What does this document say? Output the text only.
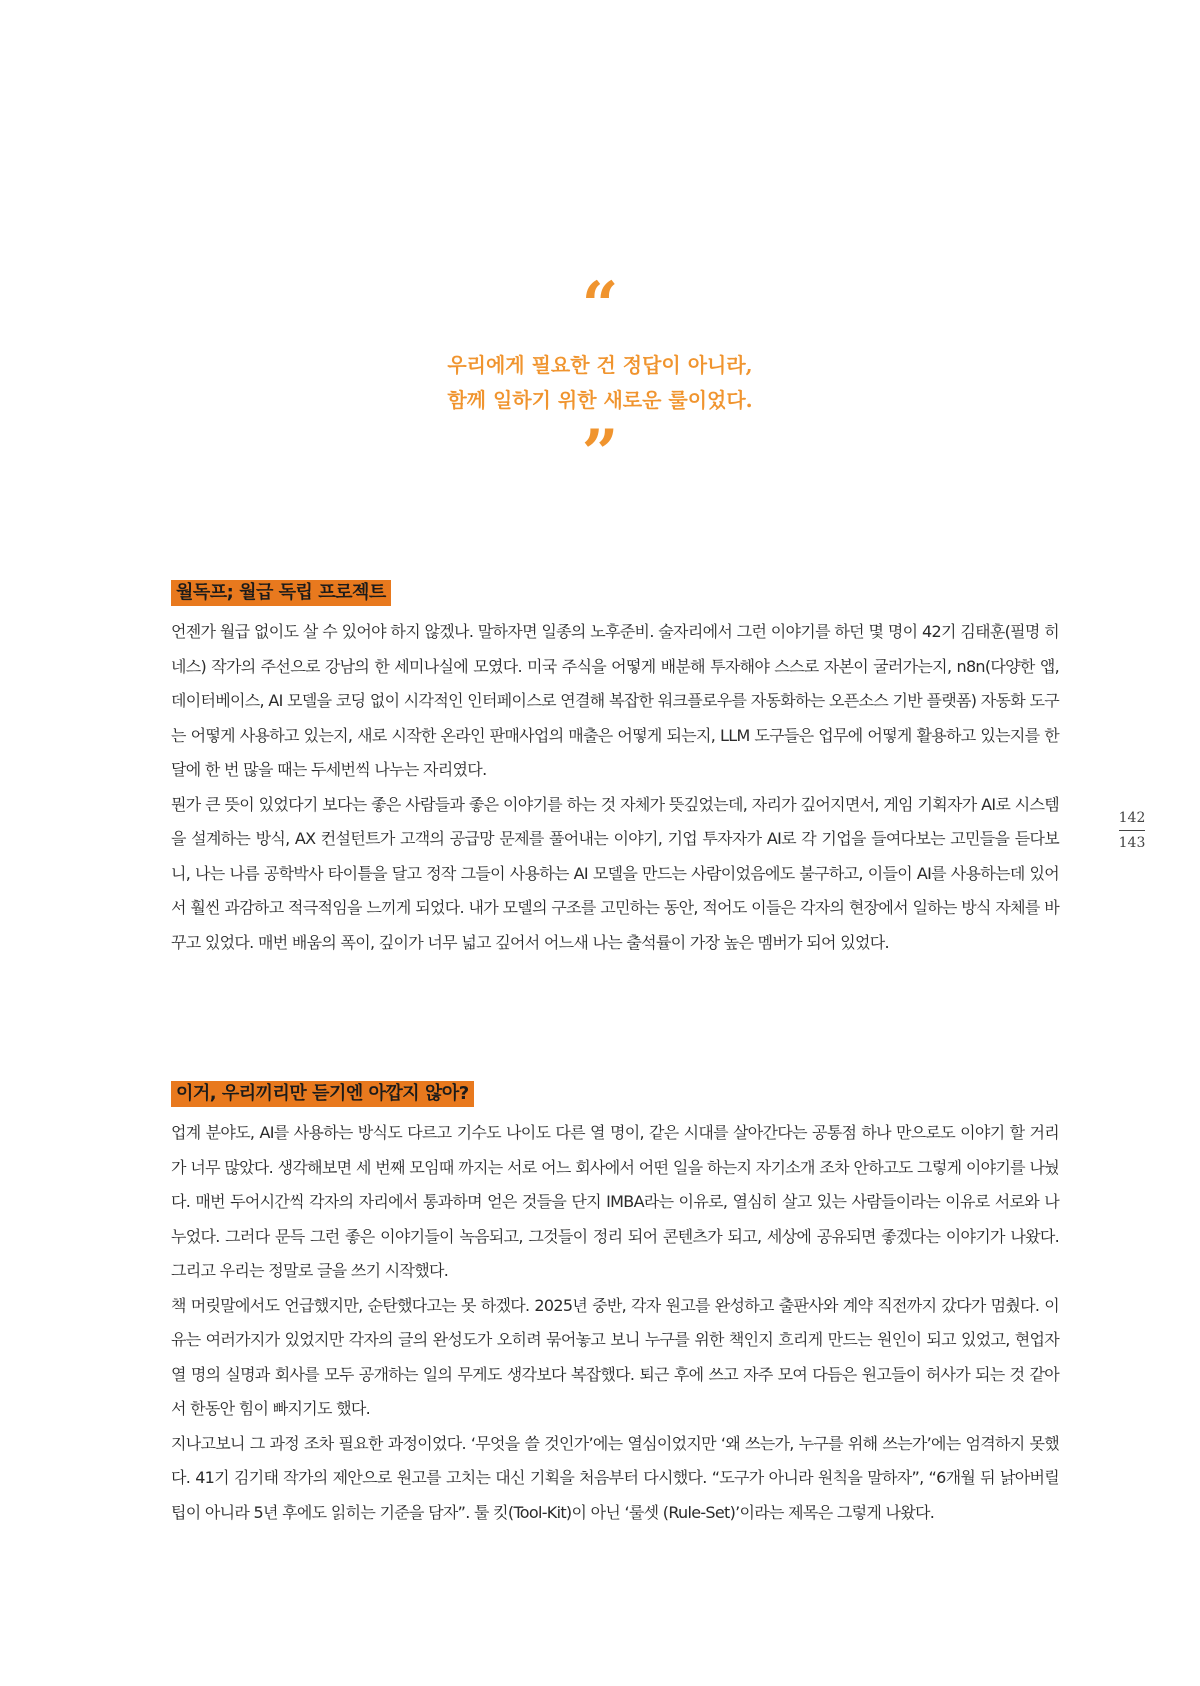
“
우리에게 필요한 건 정답이 아니라,
함께 일하기 위한 새로운 룰이었다.
”
142
143
월독프; 월급 독립 프로젝트

언젠가 월급 없이도 살 수 있어야 하지 않겠나. 말하자면 일종의 노후준비. 술자리에서 그런 이야기를 하던 몇 명이 42기 김태훈(필명 히네스) 작가의 주선으로 강남의 한 세미나실에 모였다. 미국 주식을 어떻게 배분해 투자해야 스스로 자본이 굴러가는지, n8n(다양한 앱, 데이터베이스, AI 모델을 코딩 없이 시각적인 인터페이스로 연결해 복잡한 워크플로우를 자동화하는 오픈소스 기반 플랫폼) 자동화 도구는 어떻게 사용하고 있는지, 새로 시작한 온라인 판매사업의 매출은 어떻게 되는지, LLM 도구들은 업무에 어떻게 활용하고 있는지를 한달에 한 번 많을 때는 두세번씩 나누는 자리였다.

뭔가 큰 뜻이 있었다기 보다는 좋은 사람들과 좋은 이야기를 하는 것 자체가 뜻깊었는데, 자리가 깊어지면서, 게임 기획자가 AI로 시스템을 설계하는 방식, AX 컨설턴트가 고객의 공급망 문제를 풀어내는 이야기, 기업 투자자가 AI로 각 기업을 들여다보는 고민들을 듣다보니, 나는 나름 공학박사 타이틀을 달고 정작 그들이 사용하는 AI 모델을 만드는 사람이었음에도 불구하고, 이들이 AI를 사용하는데 있어서 훨씬 과감하고 적극적임을 느끼게 되었다. 내가 모델의 구조를 고민하는 동안, 적어도 이들은 각자의 현장에서 일하는 방식 자체를 바꾸고 있었다. 매번 배움의 폭이, 깊이가 너무 넓고 깊어서 어느새 나는 출석률이 가장 높은 멤버가 되어 있었다.

이거, 우리끼리만 듣기엔 아깝지 않아?

업계 분야도, AI를 사용하는 방식도 다르고 기수도 나이도 다른 열 명이, 같은 시대를 살아간다는 공통점 하나 만으로도 이야기 할 거리가 너무 많았다. 생각해보면 세 번째 모임때 까지는 서로 어느 회사에서 어떤 일을 하는지 자기소개 조차 안하고도 그렇게 이야기를 나눴다. 매번 두어시간씩 각자의 자리에서 통과하며 얻은 것들을 단지 IMBA라는 이유로, 열심히 살고 있는 사람들이라는 이유로 서로와 나누었다. 그러다 문득 그런 좋은 이야기들이 녹음되고, 그것들이 정리 되어 콘텐츠가 되고, 세상에 공유되면 좋겠다는 이야기가 나왔다. 그리고 우리는 정말로 글을 쓰기 시작했다.

책 머릿말에서도 언급했지만, 순탄했다고는 못 하겠다. 2025년 중반, 각자 원고를 완성하고 출판사와 계약 직전까지 갔다가 멈췄다. 이유는 여러가지가 있었지만 각자의 글의 완성도가 오히려 묶어놓고 보니 누구를 위한 책인지 흐리게 만드는 원인이 되고 있었고, 현업자 열 명의 실명과 회사를 모두 공개하는 일의 무게도 생각보다 복잡했다. 퇴근 후에 쓰고 자주 모여 다듬은 원고들이 허사가 되는 것 같아서 한동안 힘이 빠지기도 했다.

지나고보니 그 과정 조차 필요한 과정이었다. ‘무엇을 쓸 것인가’에는 열심이었지만 ‘왜 쓰는가, 누구를 위해 쓰는가’에는 엄격하지 못했다. 41기 김기태 작가의 제안으로 원고를 고치는 대신 기획을 처음부터 다시했다. “도구가 아니라 원칙을 말하자”, “6개월 뒤 낡아버릴 팁이 아니라 5년 후에도 읽히는 기준을 담자”. 툴 킷(Tool-Kit)이 아닌 ‘룰셋 (Rule-Set)’이라는 제목은 그렇게 나왔다.
